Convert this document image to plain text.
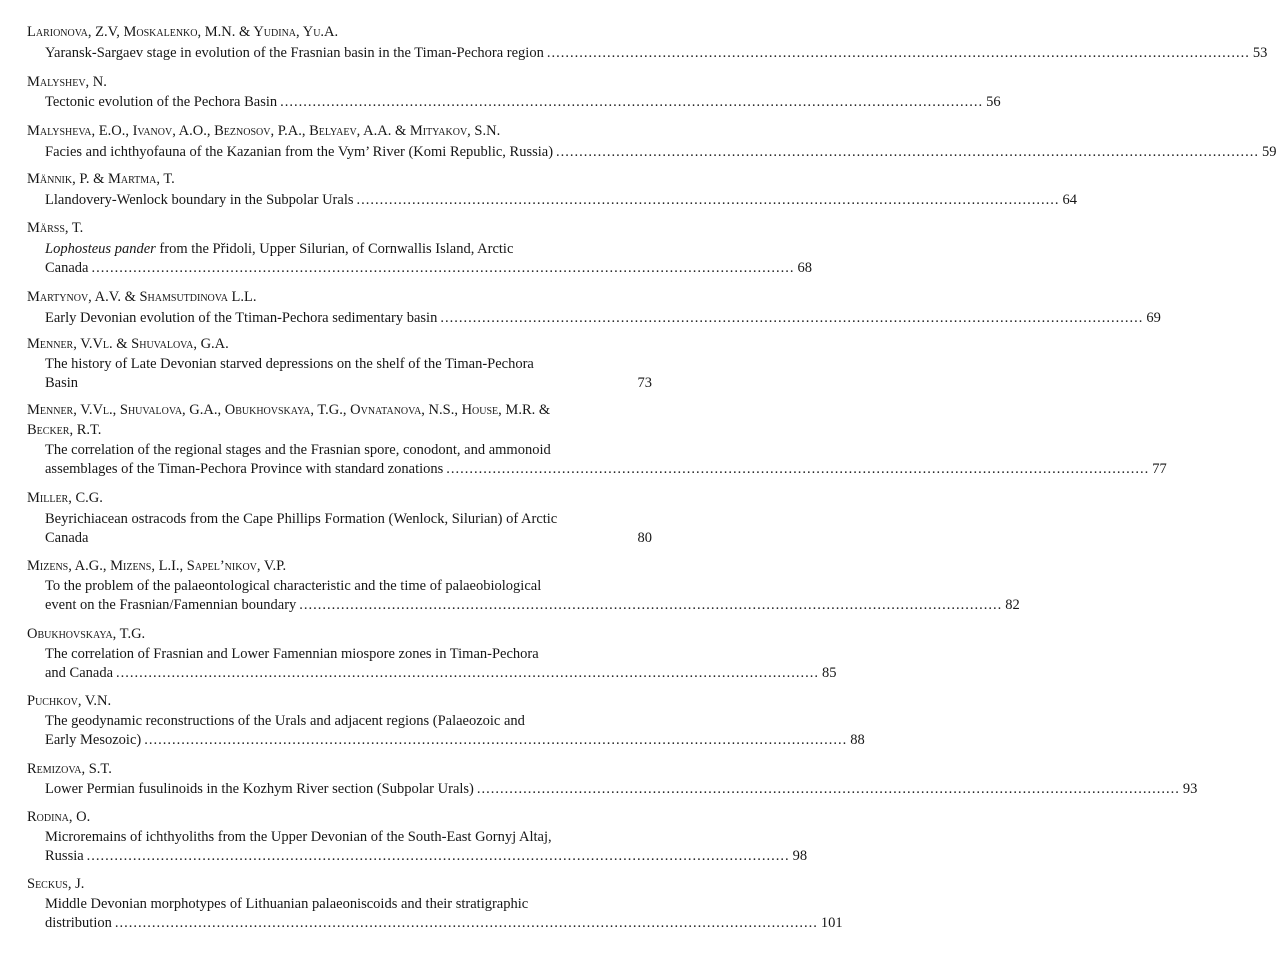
Larionova, Z.V, Moskalenko, M.N. & Yudina, Yu.A.
Yaransk-Sargaev stage in evolution of the Frasnian basin in the Timan-Pechora region ........................................................................................................................................................ 53
Malyshev, N.
Tectonic evolution of the Pechora Basin ........................................................................................................................................................ 56
Malysheva, E.O., Ivanov, A.O., Beznosov, P.A., Belyaev, A.A. & Mityakov, S.N.
Facies and ichthyofauna of the Kazanian from the Vym’ River (Komi Republic, Russia) ........................................................................................................................................................ 59
Männik, P. & Martma, T.
Llandovery-Wenlock boundary in the Subpolar Urals ........................................................................................................................................................ 64
Märss, T.
Lophosteus pander from the Přidoli, Upper Silurian, of Cornwallis Island, Arctic
Canada ........................................................................................................................................................ 68
Martynov, A.V. & Shamsutdinova L.L.
Early Devonian evolution of the Ttiman-Pechora sedimentary basin ........................................................................................................................................................ 69
Menner, V.Vl. & Shuvalova, G.A.
The history of Late Devonian starved depressions on the shelf of the Timan-Pechora
Basin	73
Menner, V.Vl., Shuvalova, G.A., Obukhovskaya, T.G., Ovnatanova, N.S., House, M.R. &
Becker, R.T.
The correlation of the regional stages and the Frasnian spore, conodont, and ammonoid
assemblages of the Timan-Pechora Province with standard zonations ........................................................................................................................................................ 77
Miller, C.G.
Beyrichiacean ostracods from the Cape Phillips Formation (Wenlock, Silurian) of Arctic
Canada	80
Mizens, A.G., Mizens, L.I., Sapel’nikov, V.P.
To the problem of the palaeontological characteristic and the time of palaeobiological
event on the Frasnian/Famennian boundary ........................................................................................................................................................ 82
Obukhovskaya, T.G.
The correlation of Frasnian and Lower Famennian miospore zones in Timan-Pechora
and Canada ........................................................................................................................................................ 85
Puchkov, V.N.
The geodynamic reconstructions of the Urals and adjacent regions (Palaeozoic and
Early Mesozoic) ........................................................................................................................................................ 88
Remizova, S.T.
Lower Permian fusulinoids in the Kozhym River section (Subpolar Urals) ........................................................................................................................................................ 93
Rodina, O.
Microremains of ichthyoliths from the Upper Devonian of the South-East Gornyj Altaj,
Russia ........................................................................................................................................................ 98
Seckus, J.
Middle Devonian morphotypes of Lithuanian palaeoniscoids and their stratigraphic
distribution ........................................................................................................................................................ 101
